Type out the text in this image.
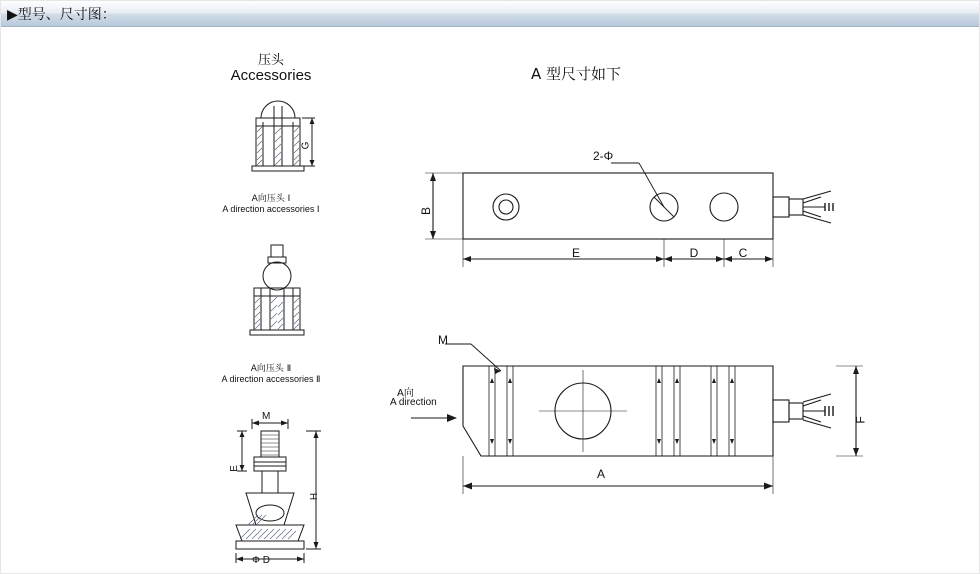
▶型号、尺寸图：
压头
Accessories
G
A向压头 Ⅰ
A direction accessories Ⅰ
A向压头 Ⅱ
A direction accessories Ⅱ
M
E
H
Φ D
A 型尺寸如下
2-Φ
B
E	D	C
M
A向
A direction
F
A
